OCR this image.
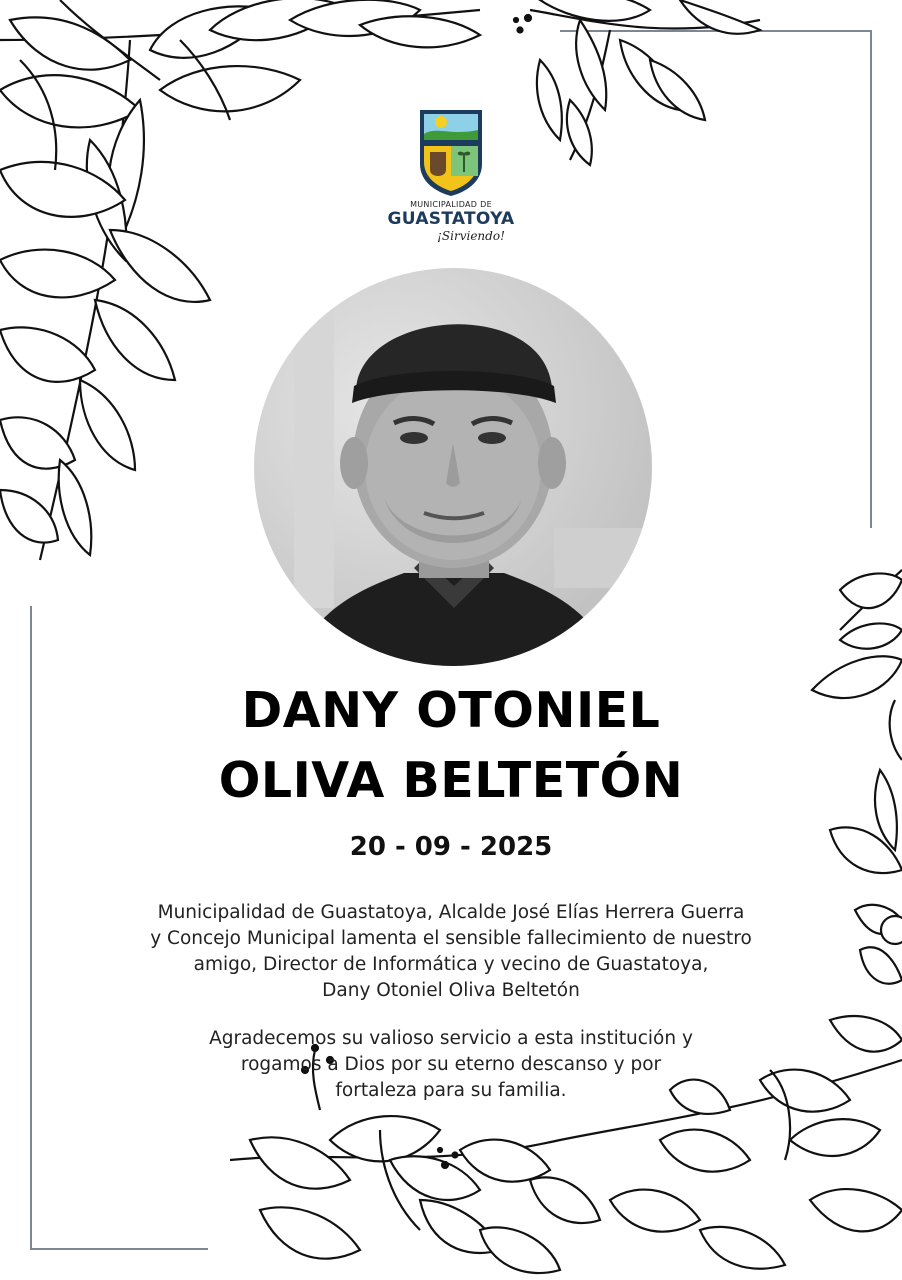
MUNICIPALIDAD DE
GUASTATOYA
¡Sirviendo!
DANY OTONIEL
OLIVA BELTETÓN
20 - 09 - 2025
Municipalidad de Guastatoya, Alcalde José Elías Herrera Guerra
y Concejo Municipal lamenta el sensible fallecimiento de nuestro
amigo, Director de Informática y vecino de Guastatoya,
Dany Otoniel Oliva Beltetón
Agradecemos su valioso servicio a esta institución y
rogamos a Dios por su eterno descanso y por
fortaleza para su familia.
